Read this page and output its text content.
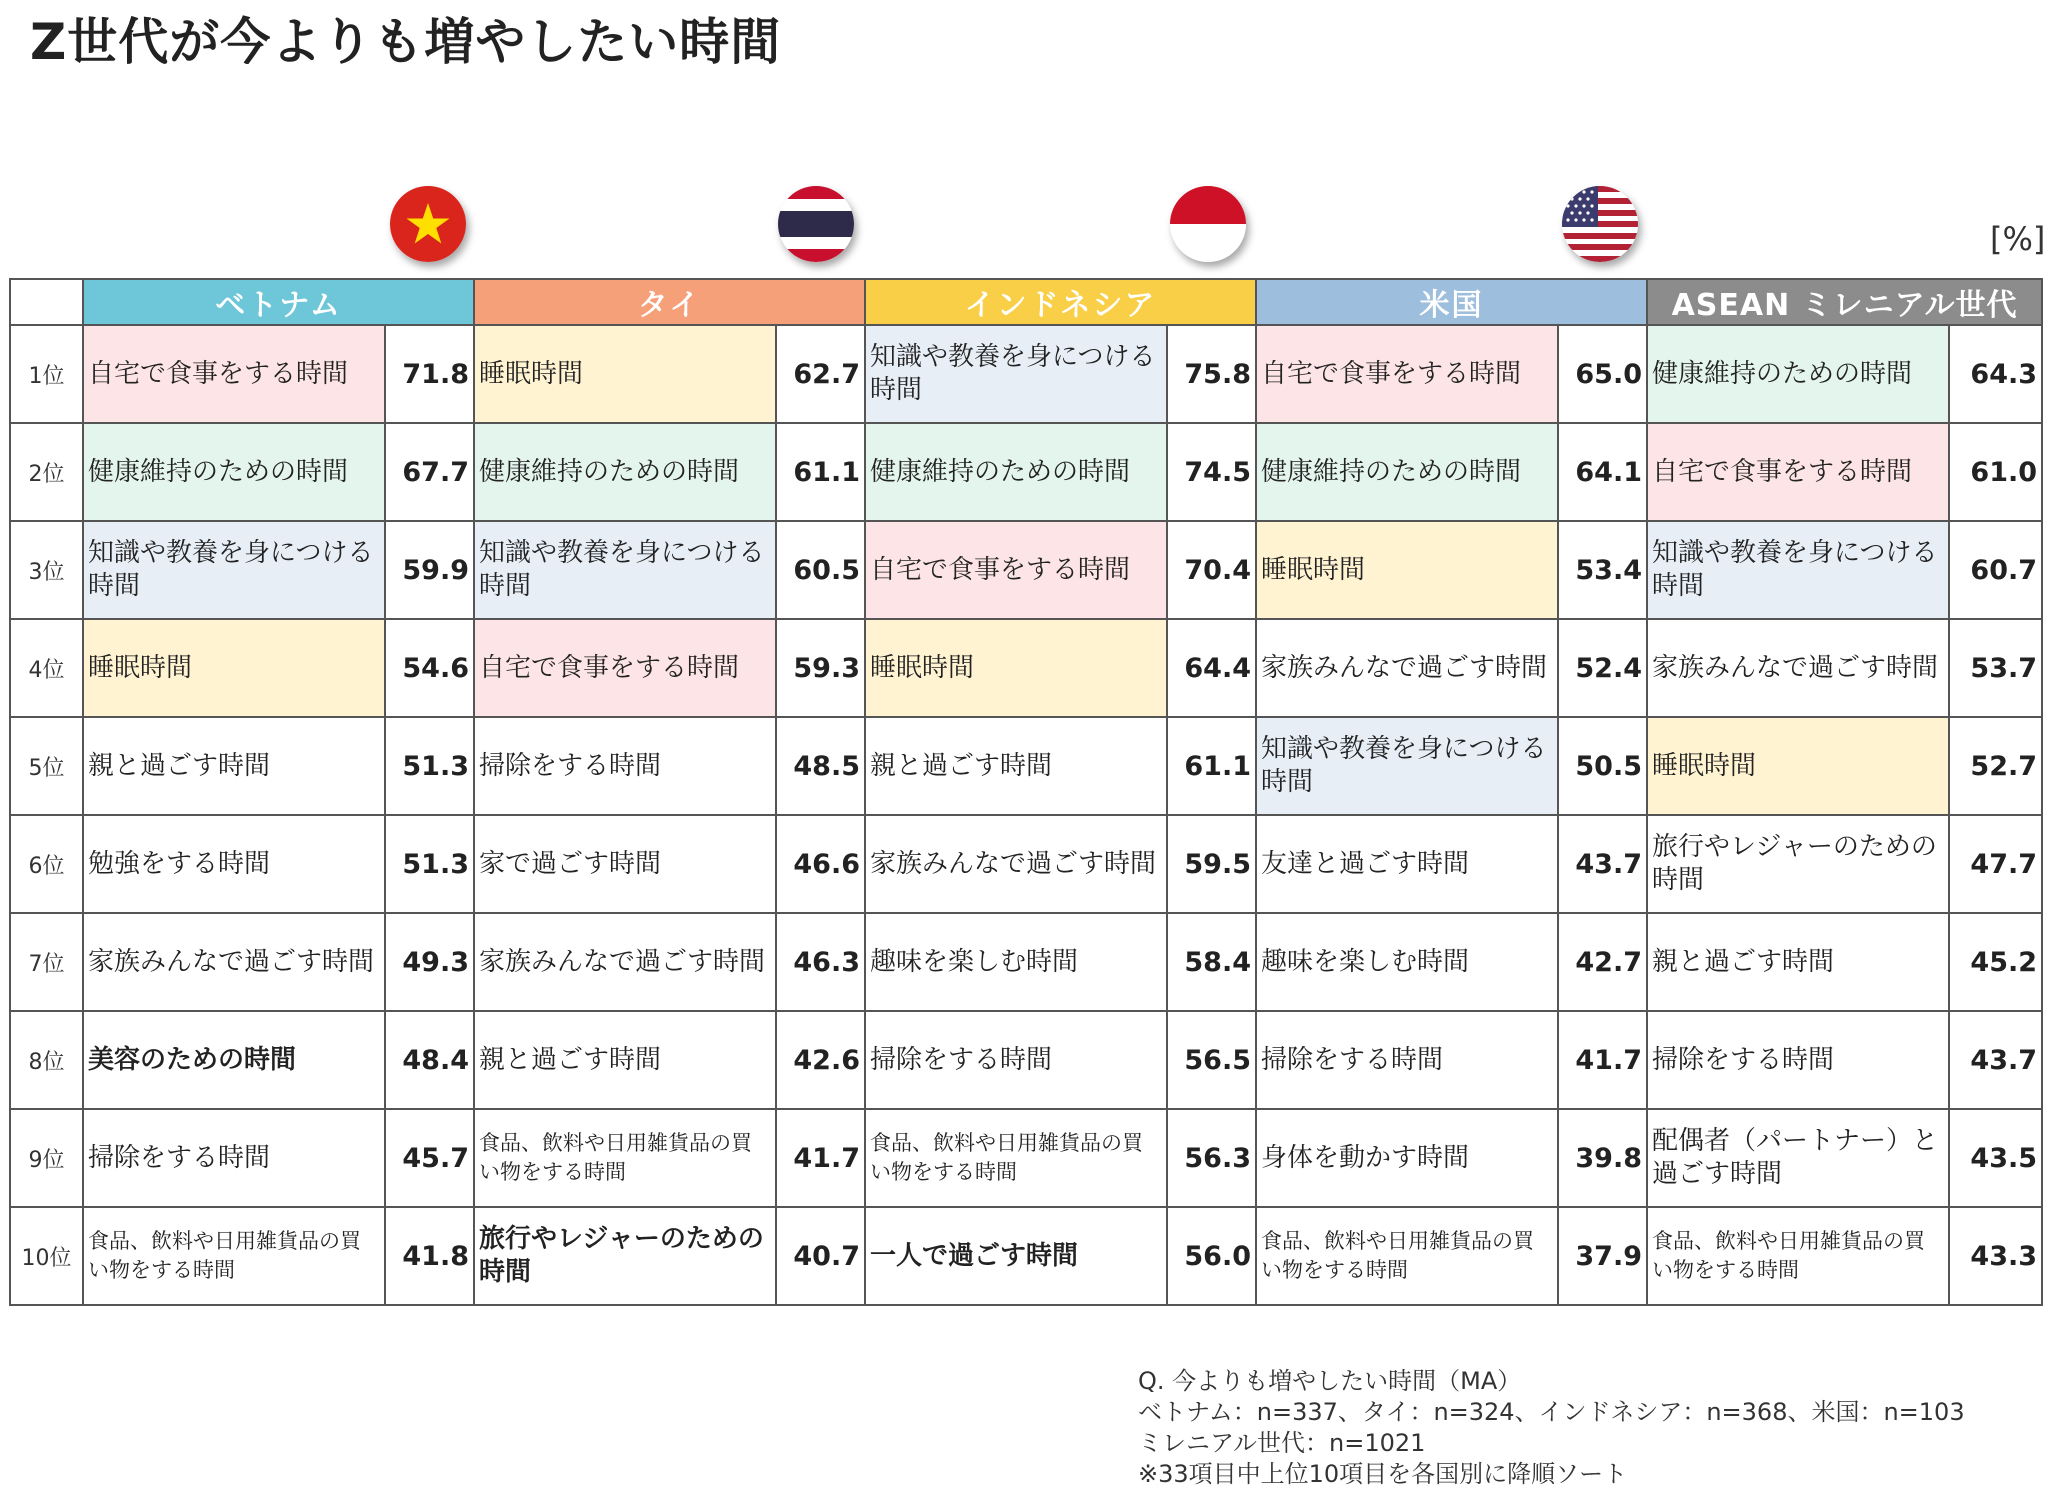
Z世代が今よりも増やしたい時間
[%]
	ベトナム		タイ		インドネシア		米国		ASEAN ミレニアル世代	
1位	自宅で食事をする時間	71.8	睡眠時間	62.7	知識や教養を身につける時間	75.8	自宅で食事をする時間	65.0	健康維持のための時間	64.3
2位	健康維持のための時間	67.7	健康維持のための時間	61.1	健康維持のための時間	74.5	健康維持のための時間	64.1	自宅で食事をする時間	61.0
3位	知識や教養を身につける時間	59.9	知識や教養を身につける時間	60.5	自宅で食事をする時間	70.4	睡眠時間	53.4	知識や教養を身につける時間	60.7
4位	睡眠時間	54.6	自宅で食事をする時間	59.3	睡眠時間	64.4	家族みんなで過ごす時間	52.4	家族みんなで過ごす時間	53.7
5位	親と過ごす時間	51.3	掃除をする時間	48.5	親と過ごす時間	61.1	知識や教養を身につける時間	50.5	睡眠時間	52.7
6位	勉強をする時間	51.3	家で過ごす時間	46.6	家族みんなで過ごす時間	59.5	友達と過ごす時間	43.7	旅行やレジャーのための時間	47.7
7位	家族みんなで過ごす時間	49.3	家族みんなで過ごす時間	46.3	趣味を楽しむ時間	58.4	趣味を楽しむ時間	42.7	親と過ごす時間	45.2
8位	美容のための時間	48.4	親と過ごす時間	42.6	掃除をする時間	56.5	掃除をする時間	41.7	掃除をする時間	43.7
9位	掃除をする時間	45.7	食品、飲料や日用雑貨品の買い物をする時間	41.7	食品、飲料や日用雑貨品の買い物をする時間	56.3	身体を動かす時間	39.8	配偶者（パートナー）と過ごす時間	43.5
10位	食品、飲料や日用雑貨品の買い物をする時間	41.8	旅行やレジャーのための時間	40.7	一人で過ごす時間	56.0	食品、飲料や日用雑貨品の買い物をする時間	37.9	食品、飲料や日用雑貨品の買い物をする時間	43.3
Q. 今よりも増やしたい時間（MA）
ベトナム：n=337、タイ：n=324、インドネシア：n=368、米国：n=103
ミレニアル世代：n=1021
※33項目中上位10項目を各国別に降順ソート
